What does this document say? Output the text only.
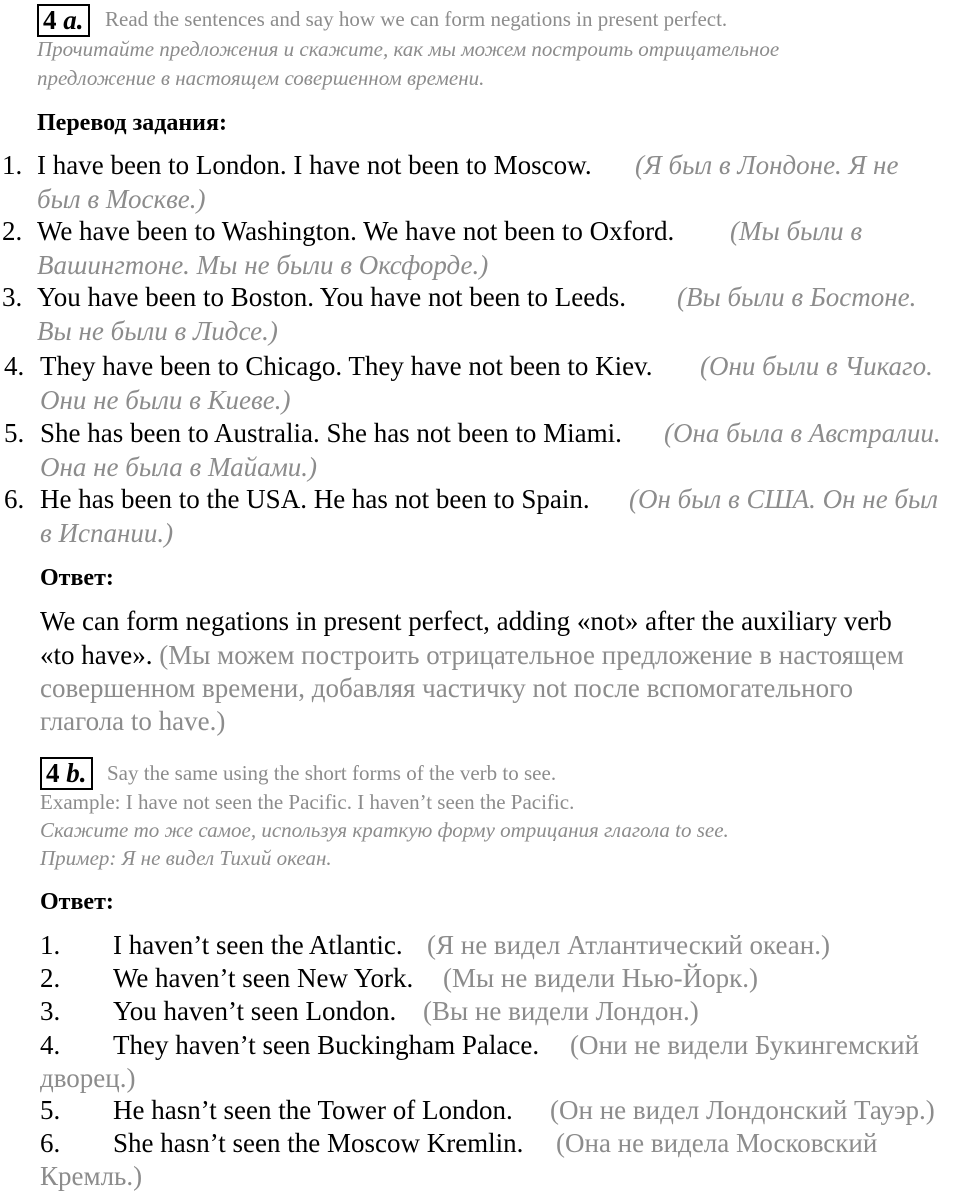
4 a. Read the sentences and say how we can form negations in present perfect.
Прочитайте предложения и скажите, как мы можем построить отрицательное
предложение в настоящем совершенном времени.
Перевод задания:
1. I have been to London. I have not been to Moscow. (Я был в Лондоне. Я не
был в Москве.)
2. We have been to Washington. We have not been to Oxford. (Мы были в
Вашингтоне. Мы не были в Оксфорде.)
3. You have been to Boston. You have not been to Leeds. (Вы были в Бостоне.
Вы не были в Лидсе.)
4. They have been to Chicago. They have not been to Kiev. (Они были в Чикаго.
Они не были в Киеве.)
5. She has been to Australia. She has not been to Miami. (Она была в Австралии.
Она не была в Майами.)
6. He has been to the USA. He has not been to Spain. (Он был в США. Он не был
в Испании.)
Ответ:
We can form negations in present perfect, adding «not» after the auxiliary verb
«to have». (Мы можем построить отрицательное предложение в настоящем
совершенном времени, добавляя частичку not после вспомогательного
глагола to have.)
4 b. Say the same using the short forms of the verb to see.
Example: I have not seen the Pacific. I haven’t seen the Pacific.
Скажите то же самое, используя краткую форму отрицания глагола to see.
Пример: Я не видел Тихий океан.
Ответ:
1. I haven’t seen the Atlantic. (Я не видел Атлантический океан.)
2. We haven’t seen New York. (Мы не видели Нью-Йорк.)
3. You haven’t seen London. (Вы не видели Лондон.)
4. They haven’t seen Buckingham Palace. (Они не видели Букингемский
дворец.)
5. He hasn’t seen the Tower of London. (Он не видел Лондонский Тауэр.)
6. She hasn’t seen the Moscow Kremlin. (Она не видела Московский
Кремль.)
